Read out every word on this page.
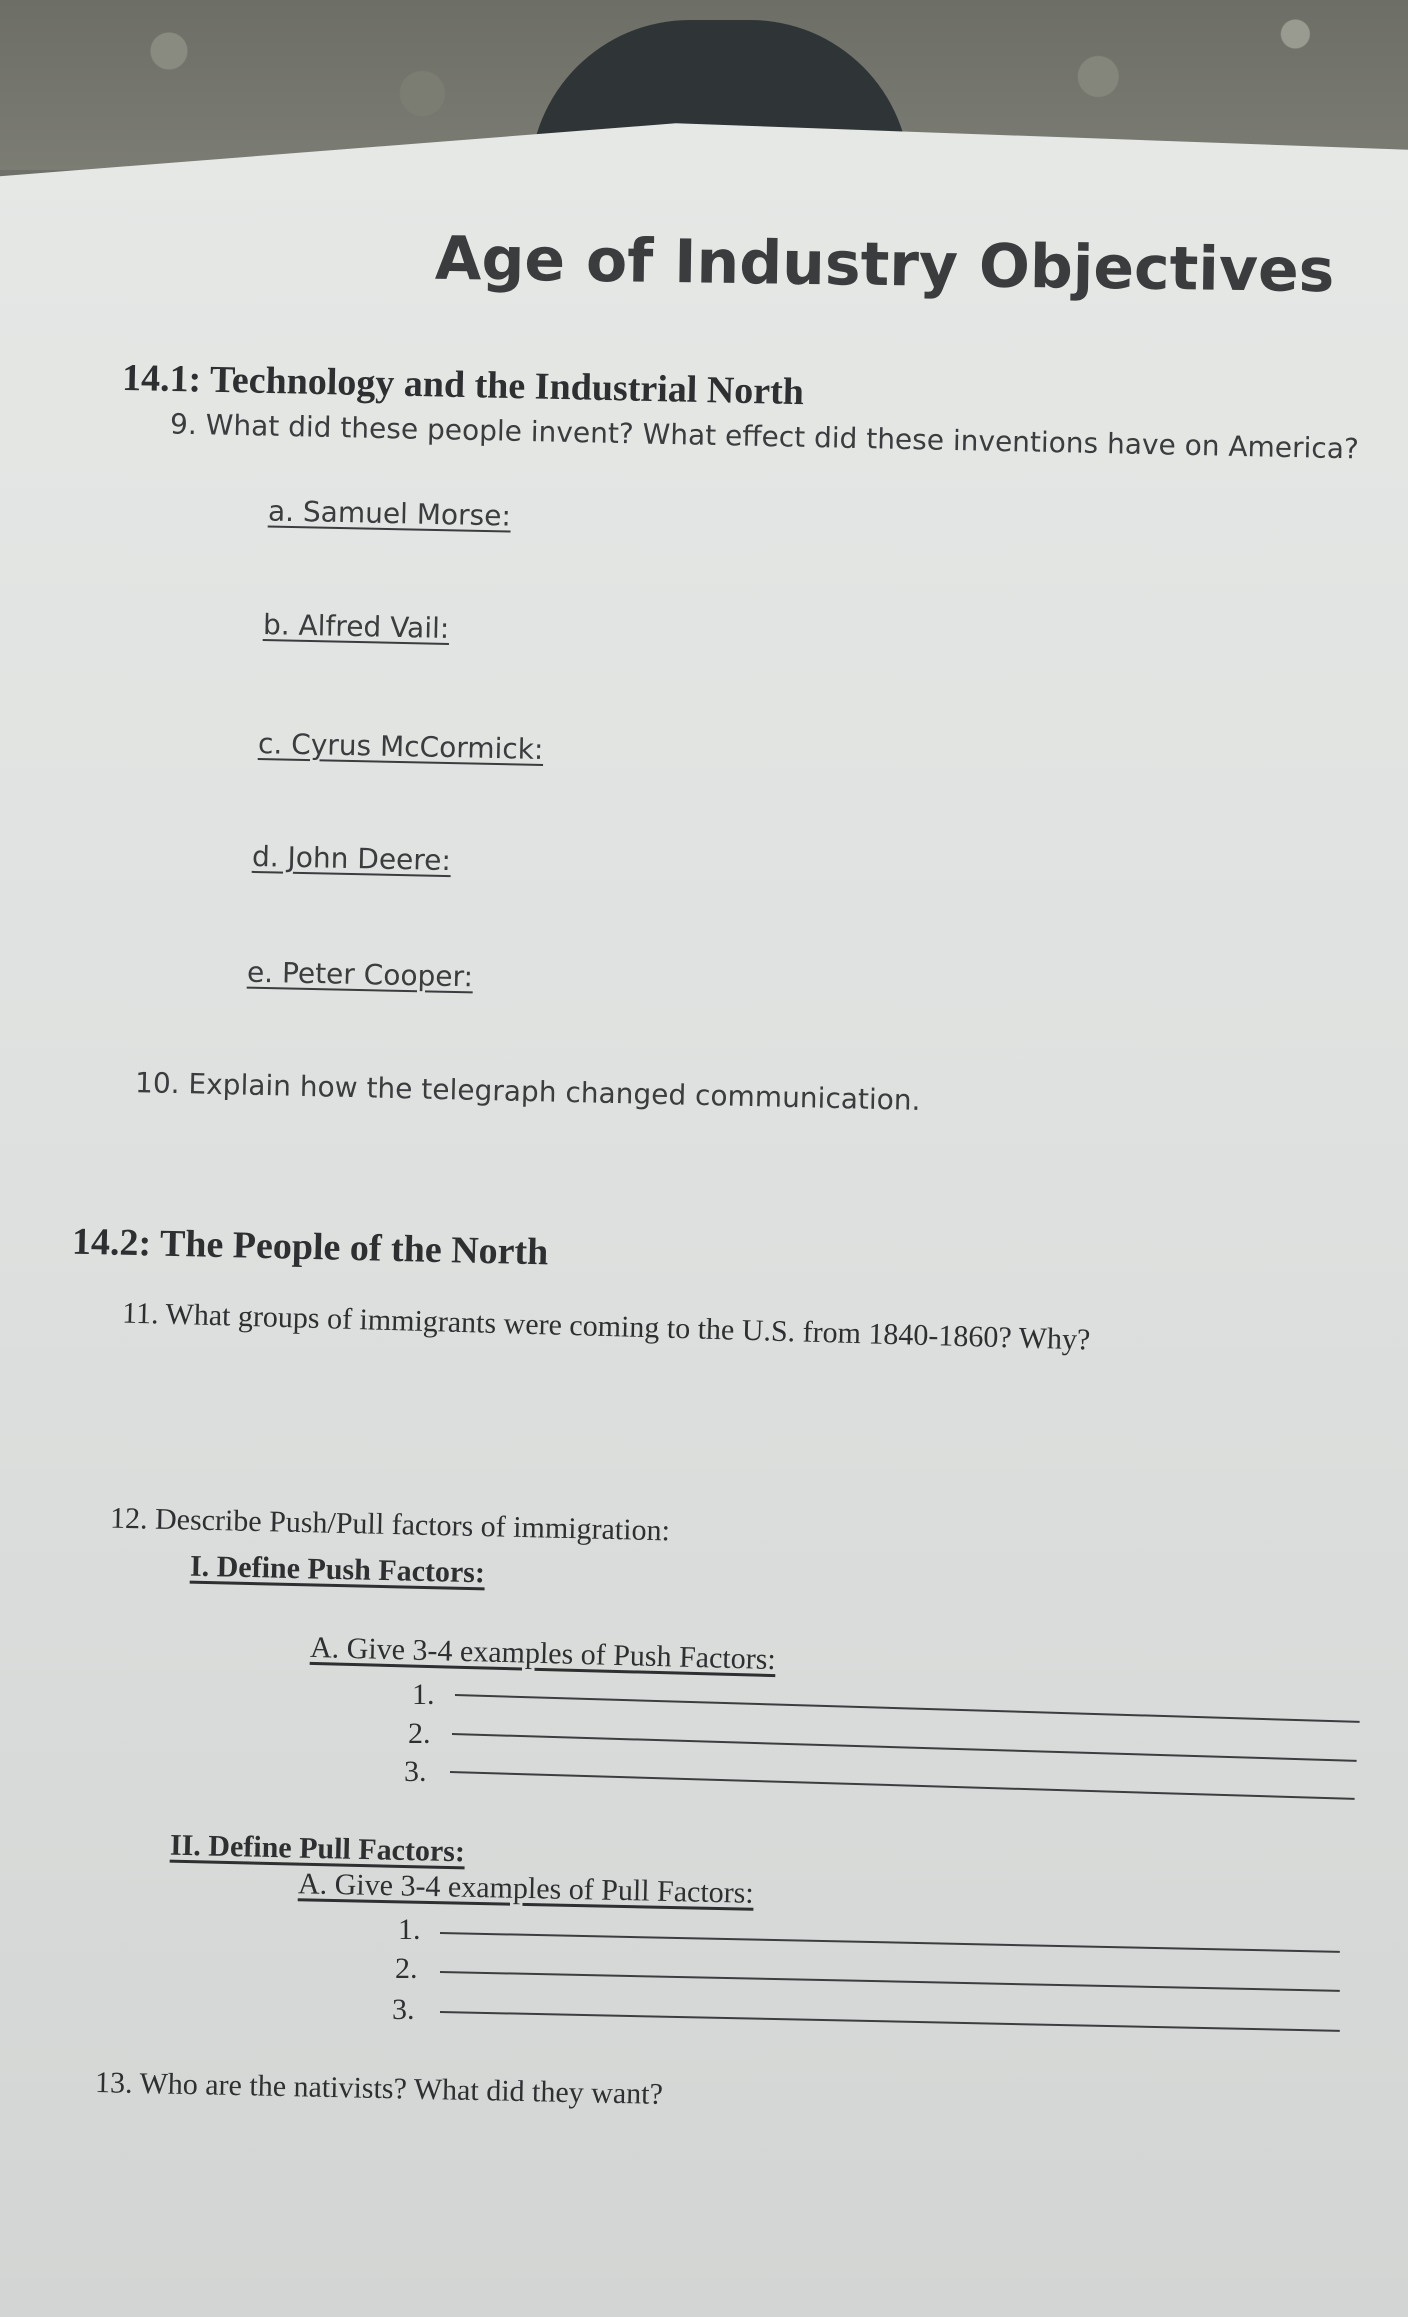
Age of Industry Objectives
14.1: Technology and the Industrial North
9. What did these people invent? What effect did these inventions have on America?
a. Samuel Morse:
b. Alfred Vail:
c. Cyrus McCormick:
d. John Deere:
e. Peter Cooper:
10. Explain how the telegraph changed communication.
14.2: The People of the North
11. What groups of immigrants were coming to the U.S. from 1840-1860? Why?
12. Describe Push/Pull factors of immigration:
I. Define Push Factors:
A. Give 3-4 examples of Push Factors:
1.
2.
3.
II. Define Pull Factors:
A. Give 3-4 examples of Pull Factors:
1.
2.
3.
13. Who are the nativists? What did they want?
